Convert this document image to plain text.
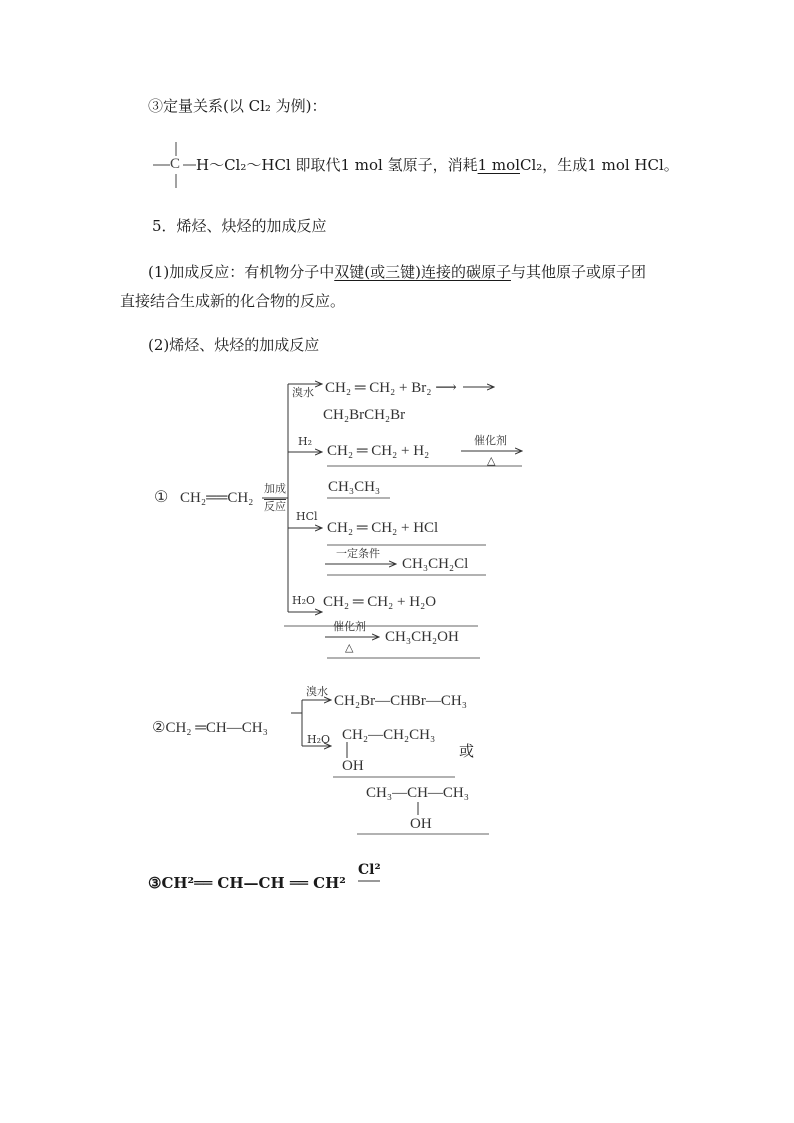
③定量关系(以 Cl₂ 为例)：
C H～Cl₂～HCl 即取代1 mol 氢原子，消耗1 molCl₂，生成1 mol HCl。
5．烯烃、炔烃的加成反应
(1)加成反应：有机物分子中双键(或三键)连接的碳原子与其他原子或原子团
直接结合生成新的化合物的反应。
(2)烯烃、炔烃的加成反应
① CH₂══CH₂
加成
反应
溴水 CH₂ ═ CH₂ + Br₂ ⟶
CH₂BrCH₂Br
H₂
CH₂ ═ CH₂ + H₂
催化剂
△
CH₃CH₃
HCl
CH₂ ═ CH₂ + HCl
一定条件
CH₃CH₂Cl
H₂O CH₂ ═ CH₂ + H₂O
催化剂
△
CH₃CH₂OH
②CH₂ ═CH—CH₃
溴水
CH₂Br—CHBr—CH₃
H₂O CH₂—CH₂CH₃
OH
或
CH₃—CH—CH₃
OH
③CH²══ CH—CH ══ CH²
Cl²
